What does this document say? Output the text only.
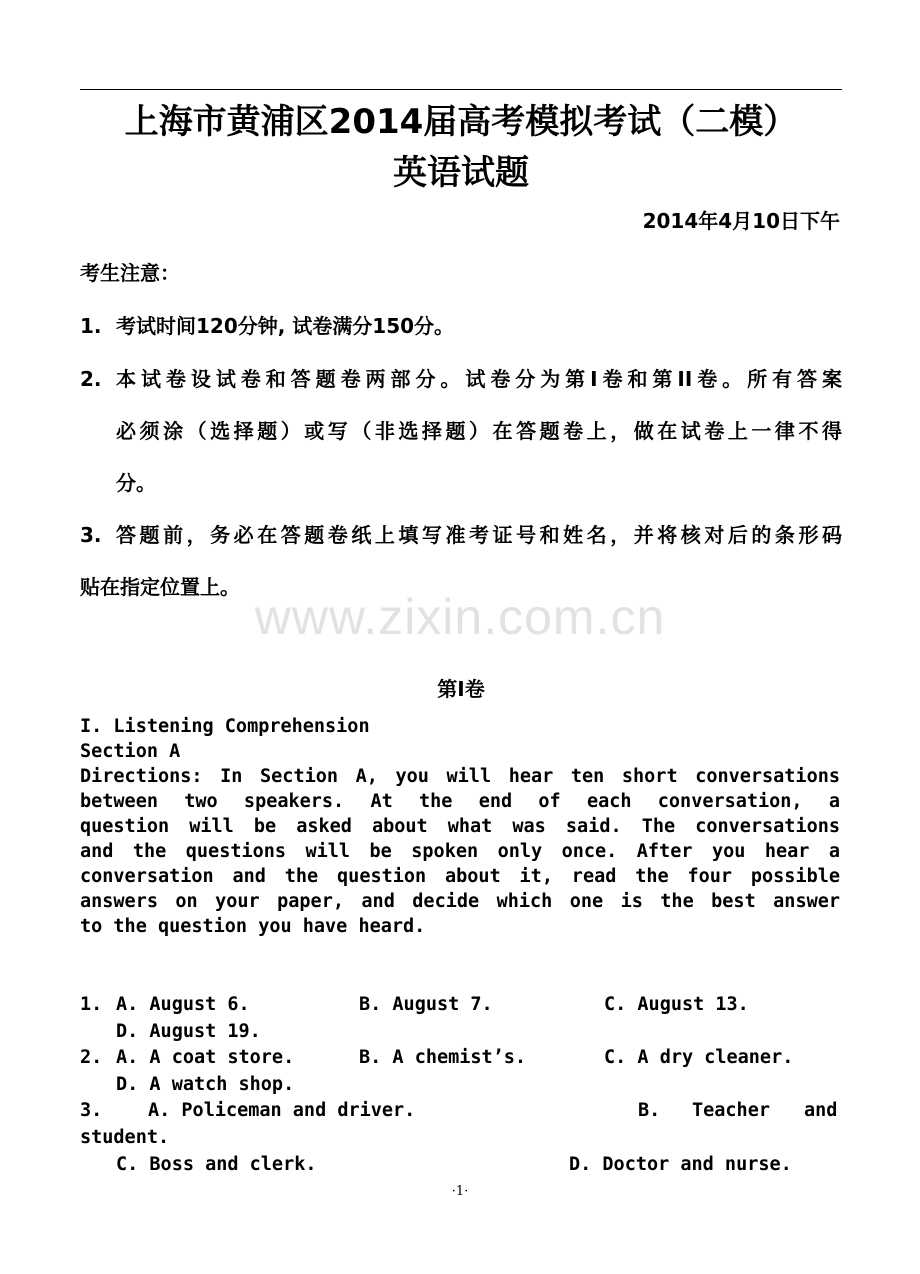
上海市黄浦区2014届高考模拟考试（二模）
英语试题
2014年4月10日下午
考生注意：
1. 考试时间120分钟, 试卷满分150分。
2. 本试卷设试卷和答题卷两部分。试卷分为第I卷和第II卷。所有答案
必须涂（选择题）或写（非选择题）在答题卷上，做在试卷上一律不得
分。
3. 答题前，务必在答题卷纸上填写准考证号和姓名，并将核对后的条形码
贴在指定位置上。
www.zixin.com.cn
第I卷
I. Listening Comprehension
Section A
Directions: In Section A, you will hear ten short conversations
between two speakers. At the end of each conversation, a
question will be asked about what was said. The conversations
and the questions will be spoken only once. After you hear a
conversation and the question about it, read the four possible
answers on your paper, and decide which one is the best answer
to the question you have heard.
1. A. August 6.	B. August 7.	C. August 13.
D. August 19.
2. A. A coat store.	B. A chemist’s.	C. A dry cleaner.
D. A watch shop.
3. A. Policeman and driver.	B. Teacher and
student.
C. Boss and clerk.	D. Doctor and nurse.
·1·
